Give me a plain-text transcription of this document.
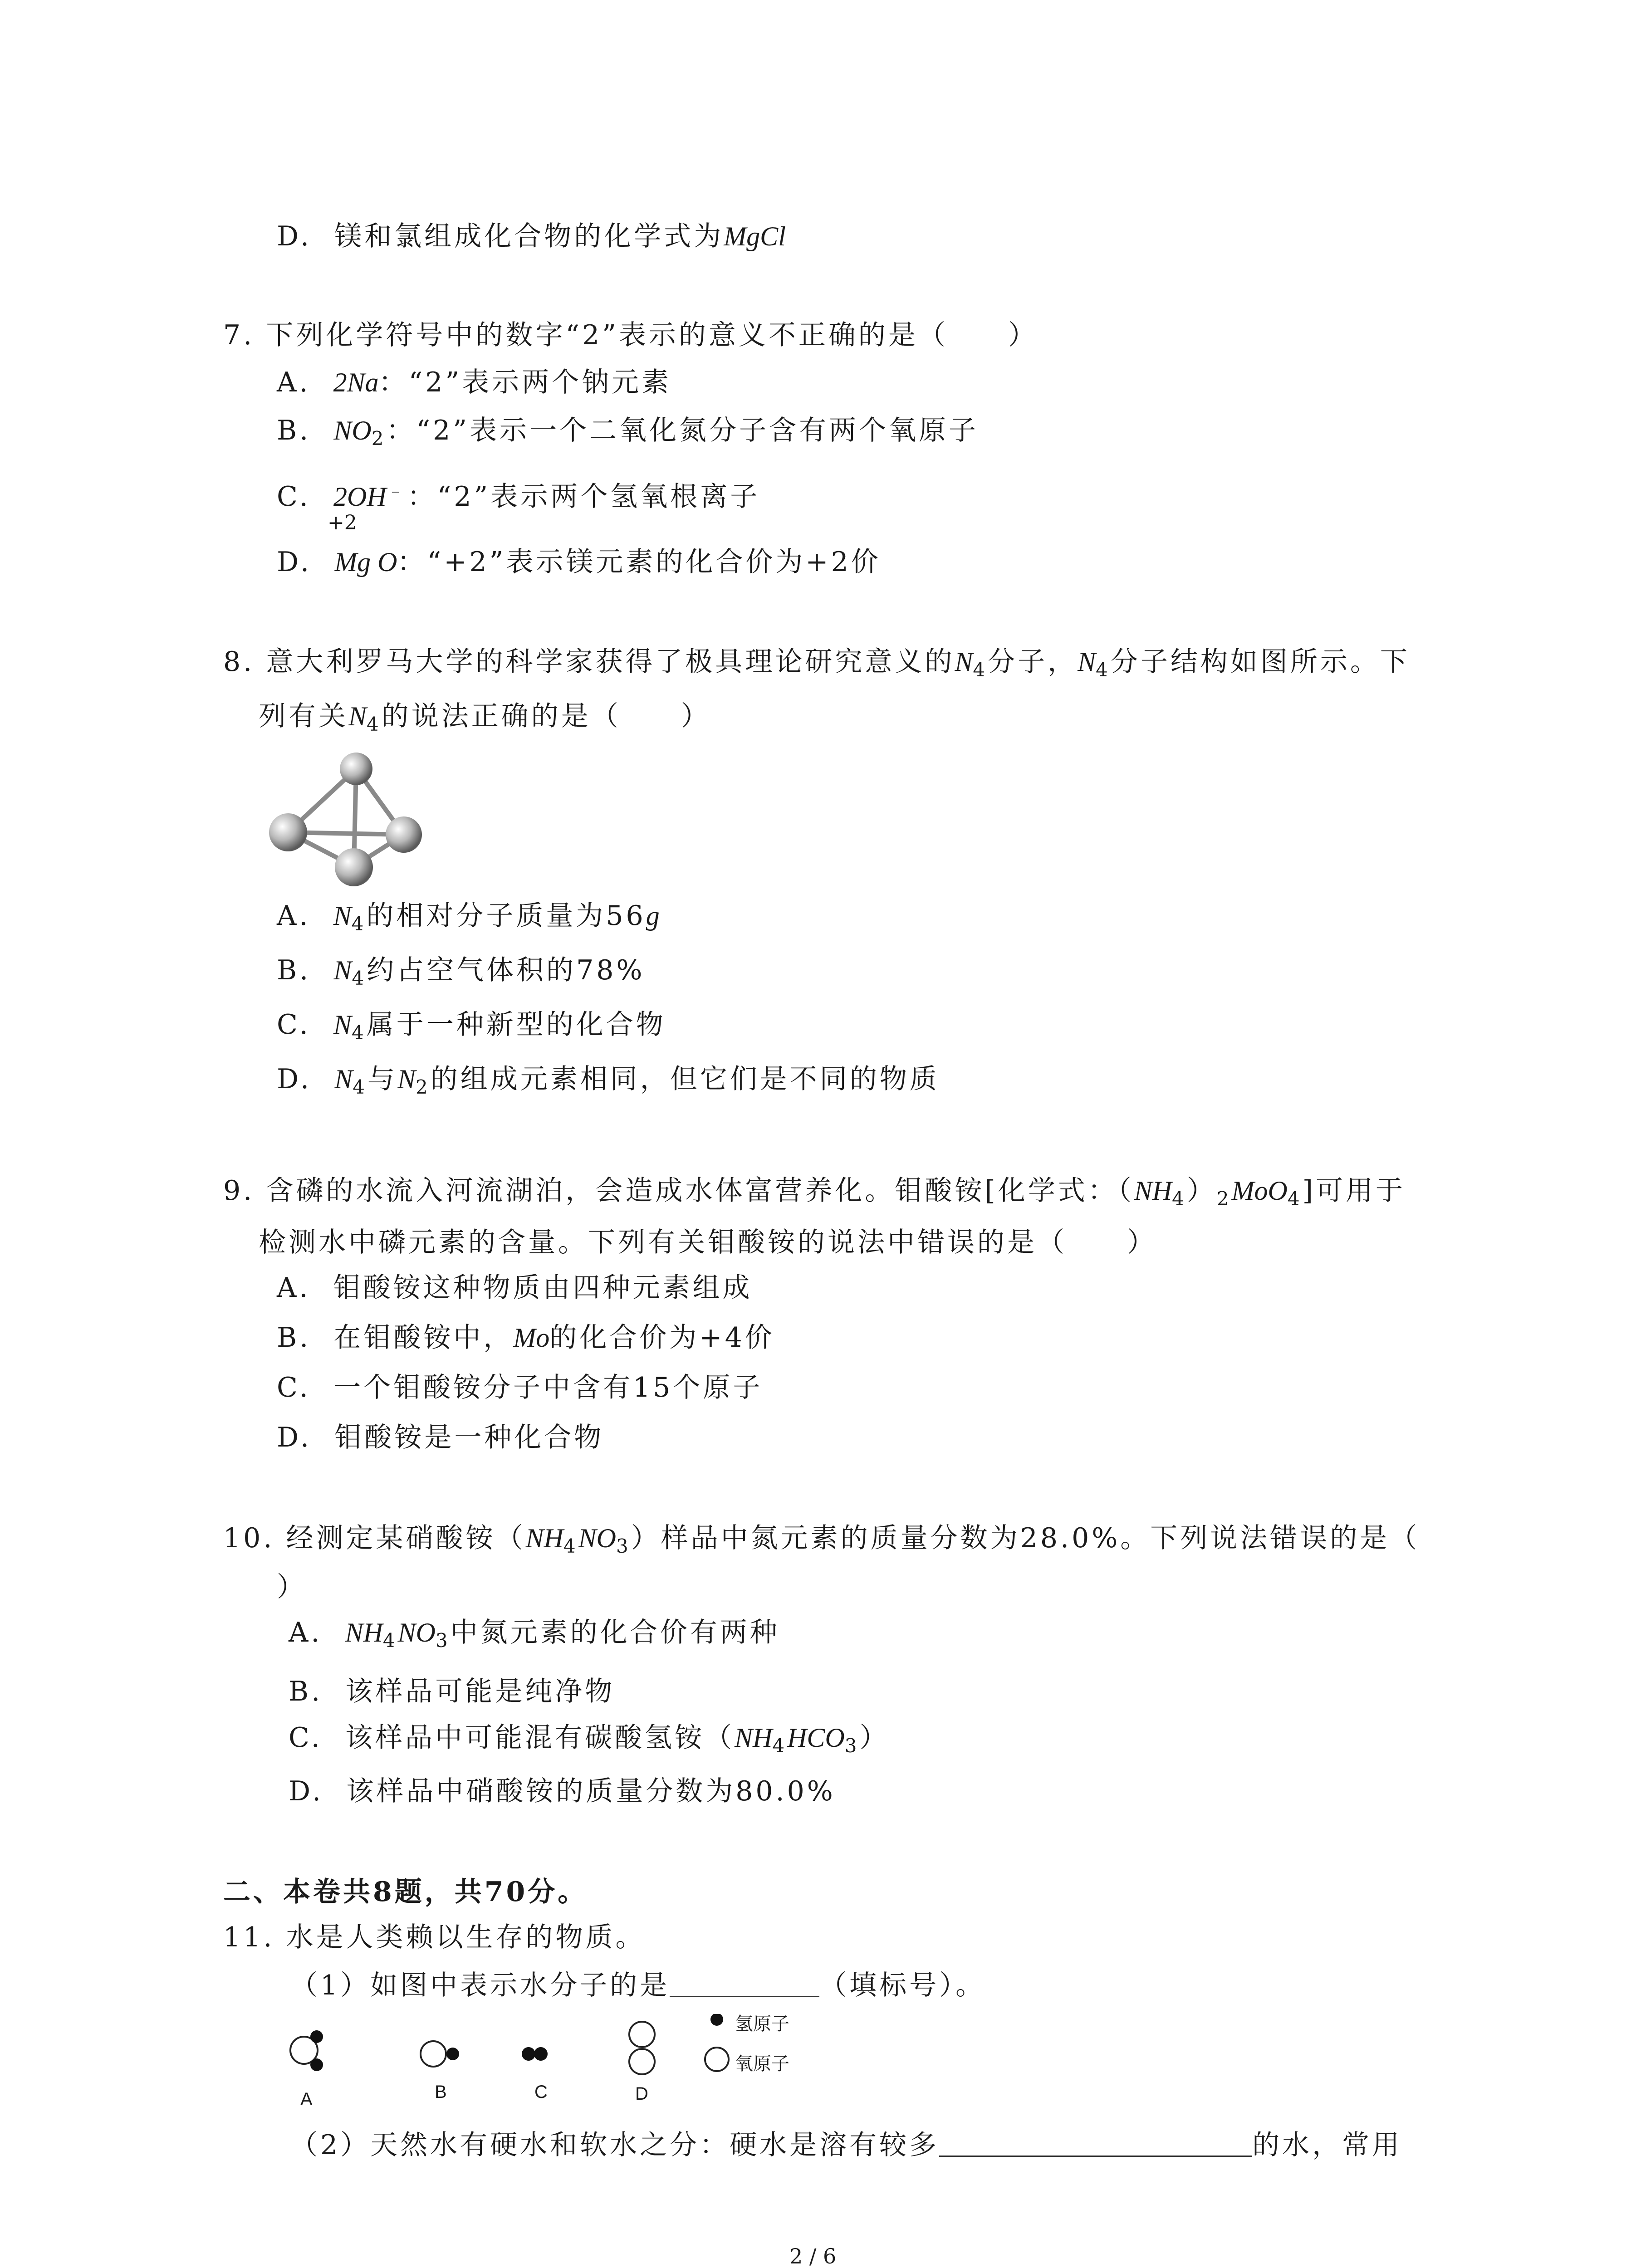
D. 镁和氯组成化合物的化学式为MgCl
7. 下列化学符号中的数字“2”表示的意义不正确的是（　　）
A. 2Na：“2”表示两个钠元素
B. $NO_2$：“2”表示一个二氧化氮分子含有两个氧原子
C. 2OH﹣：“2”表示两个氢氧根离子
+2
D. Mg O：“+2”表示镁元素的化合价为+2价
8. 意大利罗马大学的科学家获得了极具理论研究意义的$N_4$分子，$N_4$分子结构如图所示。下
列有关$N_4$的说法正确的是（　　）
A. $N_4$的相对分子质量为56g
B. $N_4$约占空气体积的78%
C. $N_4$属于一种新型的化合物
D. $N_4$与$N_2$的组成元素相同，但它们是不同的物质
9. 含磷的水流入河流湖泊，会造成水体富营养化。钼酸铵[化学式：$(NH_4)_2MoO_4$]可用于
检测水中磷元素的含量。下列有关钼酸铵的说法中错误的是（　　）
A. 钼酸铵这种物质由四种元素组成
B. 在钼酸铵中，Mo的化合价为+4价
C. 一个钼酸铵分子中含有15个原子
D. 钼酸铵是一种化合物
10. 经测定某硝酸铵$(NH_4NO_3)$样品中氮元素的质量分数为28.0%。下列说法错误的是（
）
A. $NH_4NO_3$中氮元素的化合价有两种
B. 该样品可能是纯净物
C. 该样品中可能混有碳酸氢铵$(NH_4HCO_3)$
D. 该样品中硝酸铵的质量分数为80.0%
二、本卷共8题，共70分。
11. 水是人类赖以生存的物质。
（1）如图中表示水分子的是	（填标号）。
A	B	C	D
氢原子
氧原子
（2）天然水有硬水和软水之分：硬水是溶有较多	的水，常用
2 / 6
